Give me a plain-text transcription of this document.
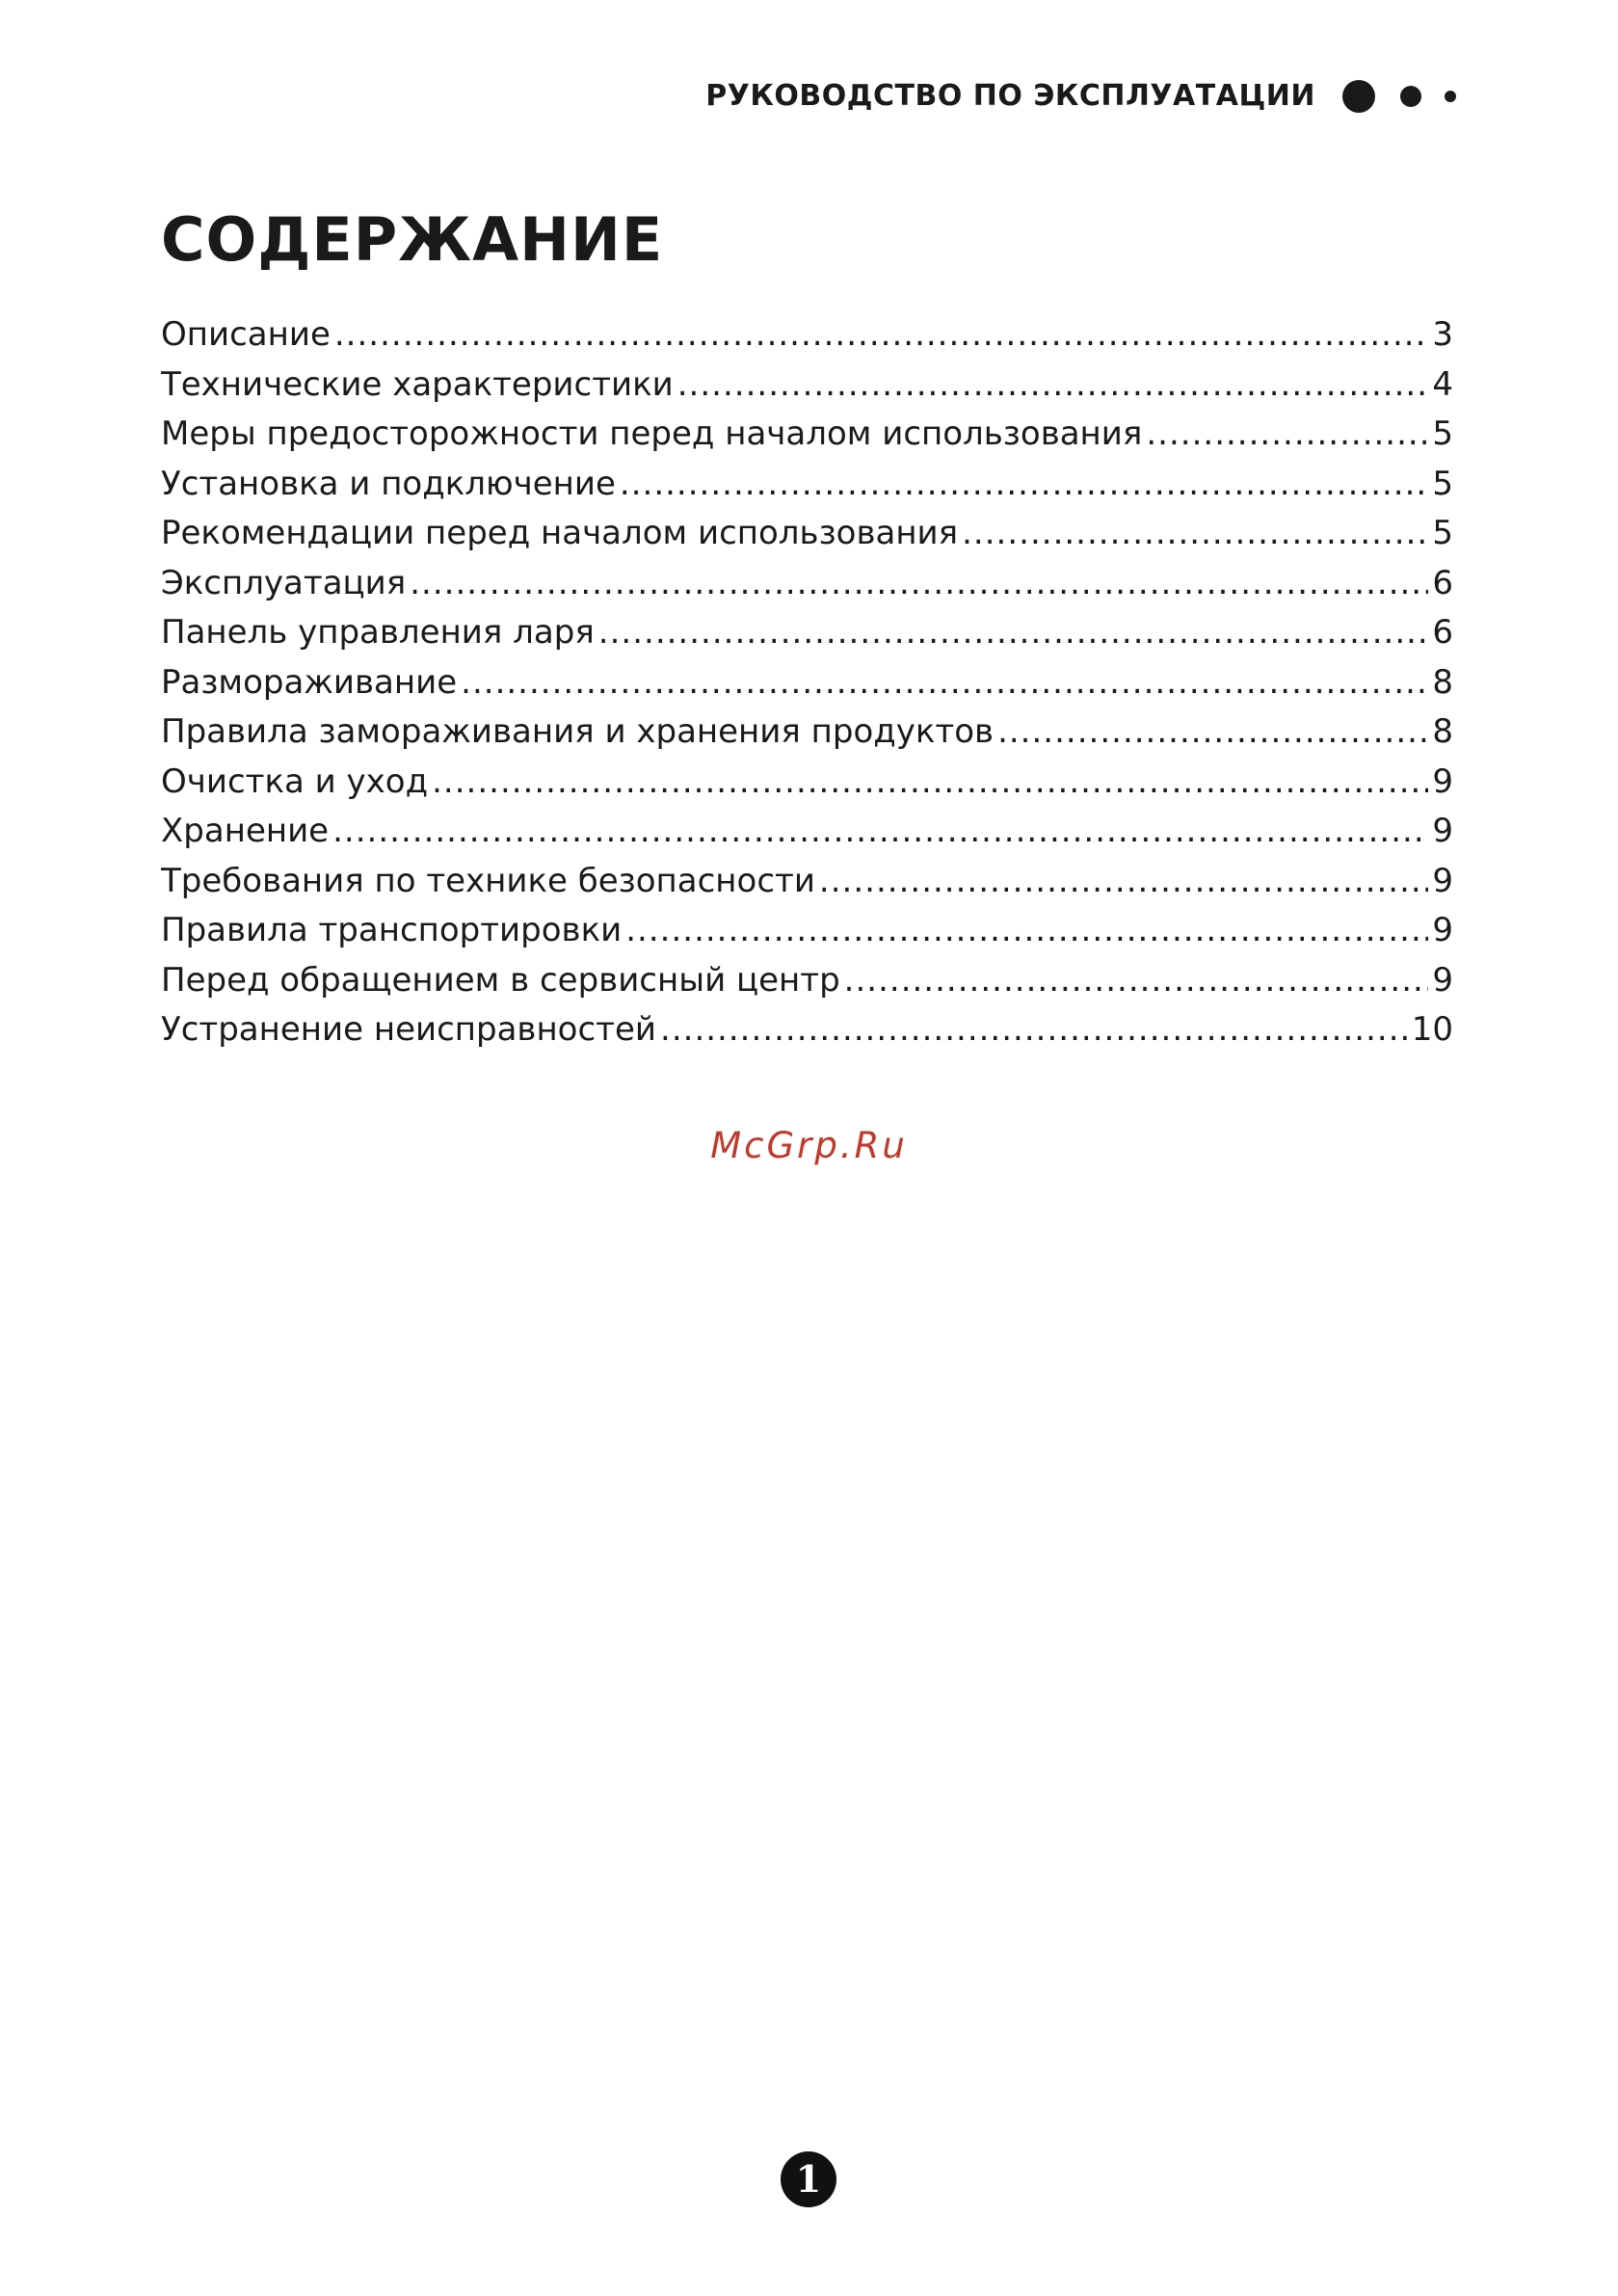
РУКОВОДСТВО ПО ЭКСПЛУАТАЦИИ
СОДЕРЖАНИЕ
Описание .....	3
Технические характеристики .....	4
Меры предосторожности перед началом использования .....	5
Установка и подключение .....	5
Рекомендации перед началом использования .....	5
Эксплуатация .....	6
Панель управления ларя .....	6
Размораживание .....	8
Правила замораживания и хранения продуктов .....	8
Очистка и уход .....	9
Хранение .....	9
Требования по технике безопасности .....	9
Правила транспортировки .....	9
Перед обращением в сервисный центр .....	9
Устранение неисправностей .....	10
McGrp.Ru
1
